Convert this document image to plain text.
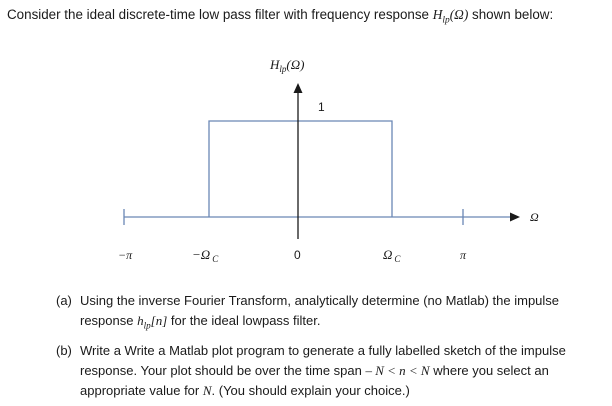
Consider the ideal discrete-time low pass filter with frequency response $H_{lp}(\Omega)$ shown below:
$H_{lp}(\Omega)$
1
Ω
−π	−Ω $_C$	0	Ω $_C$	π
(a) Using the inverse Fourier Transform, analytically determine (no Matlab) the impulse
response $h_{lp}[n]$ for the ideal lowpass filter.
(b) Write a Write a Matlab plot program to generate a fully labelled sketch of the impulse
response. Your plot should be over the time span – N < n < N where you select an
appropriate value for N. (You should explain your choice.)
